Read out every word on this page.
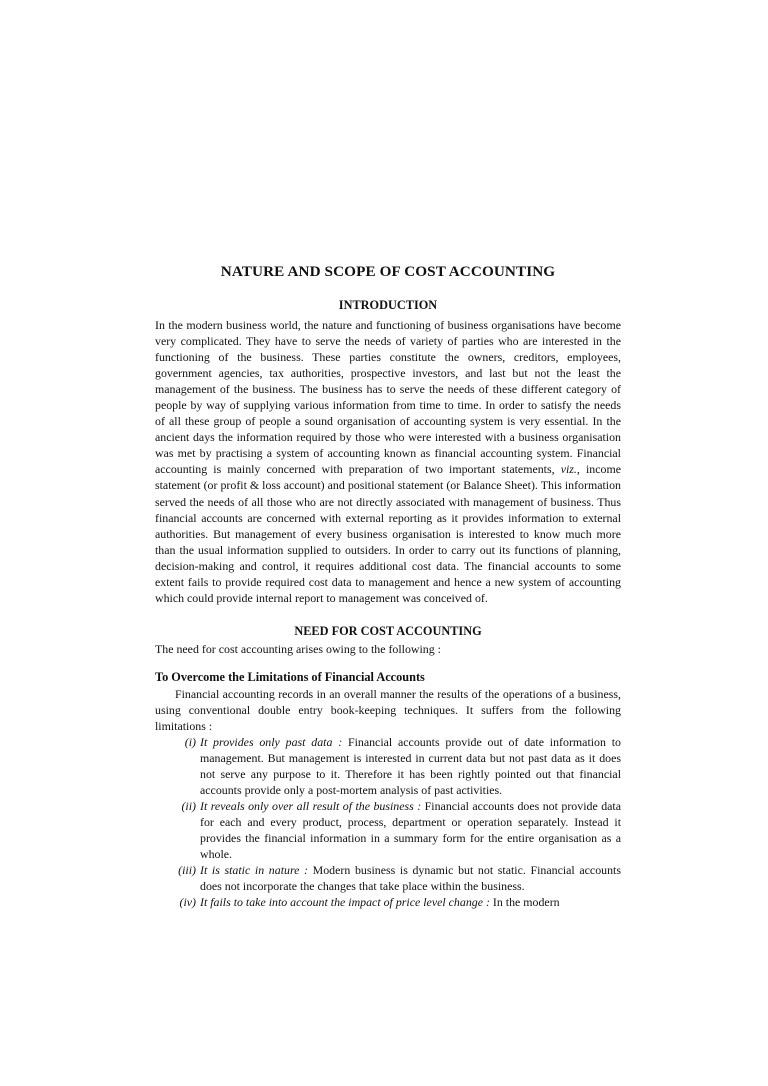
NATURE AND SCOPE OF COST ACCOUNTING
INTRODUCTION

In the modern business world, the nature and functioning of business organisations have become very complicated. They have to serve the needs of variety of parties who are interested in the functioning of the business. These parties constitute the owners, creditors, employees, government agencies, tax authorities, prospective investors, and last but not the least the management of the business. The business has to serve the needs of these different category of people by way of supplying various information from time to time. In order to satisfy the needs of all these group of people a sound organisation of accounting system is very essential. In the ancient days the information required by those who were interested with a business organisation was met by practising a system of accounting known as financial accounting system. Financial accounting is mainly concerned with preparation of two important statements, viz., income statement (or profit & loss account) and positional statement (or Balance Sheet). This information served the needs of all those who are not directly associated with management of business. Thus financial accounts are concerned with external reporting as it provides information to external authorities. But management of every business organisation is interested to know much more than the usual information supplied to outsiders. In order to carry out its functions of planning, decision-making and control, it requires additional cost data. The financial accounts to some extent fails to provide required cost data to management and hence a new system of accounting which could provide internal report to management was conceived of.

NEED FOR COST ACCOUNTING

The need for cost accounting arises owing to the following :

To Overcome the Limitations of Financial Accounts

Financial accounting records in an overall manner the results of the operations of a business, using conventional double entry book-keeping techniques. It suffers from the following limitations :

(i) It provides only past data : Financial accounts provide out of date information to management. But management is interested in current data but not past data as it does not serve any purpose to it. Therefore it has been rightly pointed out that financial accounts provide only a post-mortem analysis of past activities.
(ii) It reveals only over all result of the business : Financial accounts does not provide data for each and every product, process, department or operation separately. Instead it provides the financial information in a summary form for the entire organisation as a whole.
(iii) It is static in nature : Modern business is dynamic but not static. Financial accounts does not incorporate the changes that take place within the business.
(iv) It fails to take into account the impact of price level change : In the modern
